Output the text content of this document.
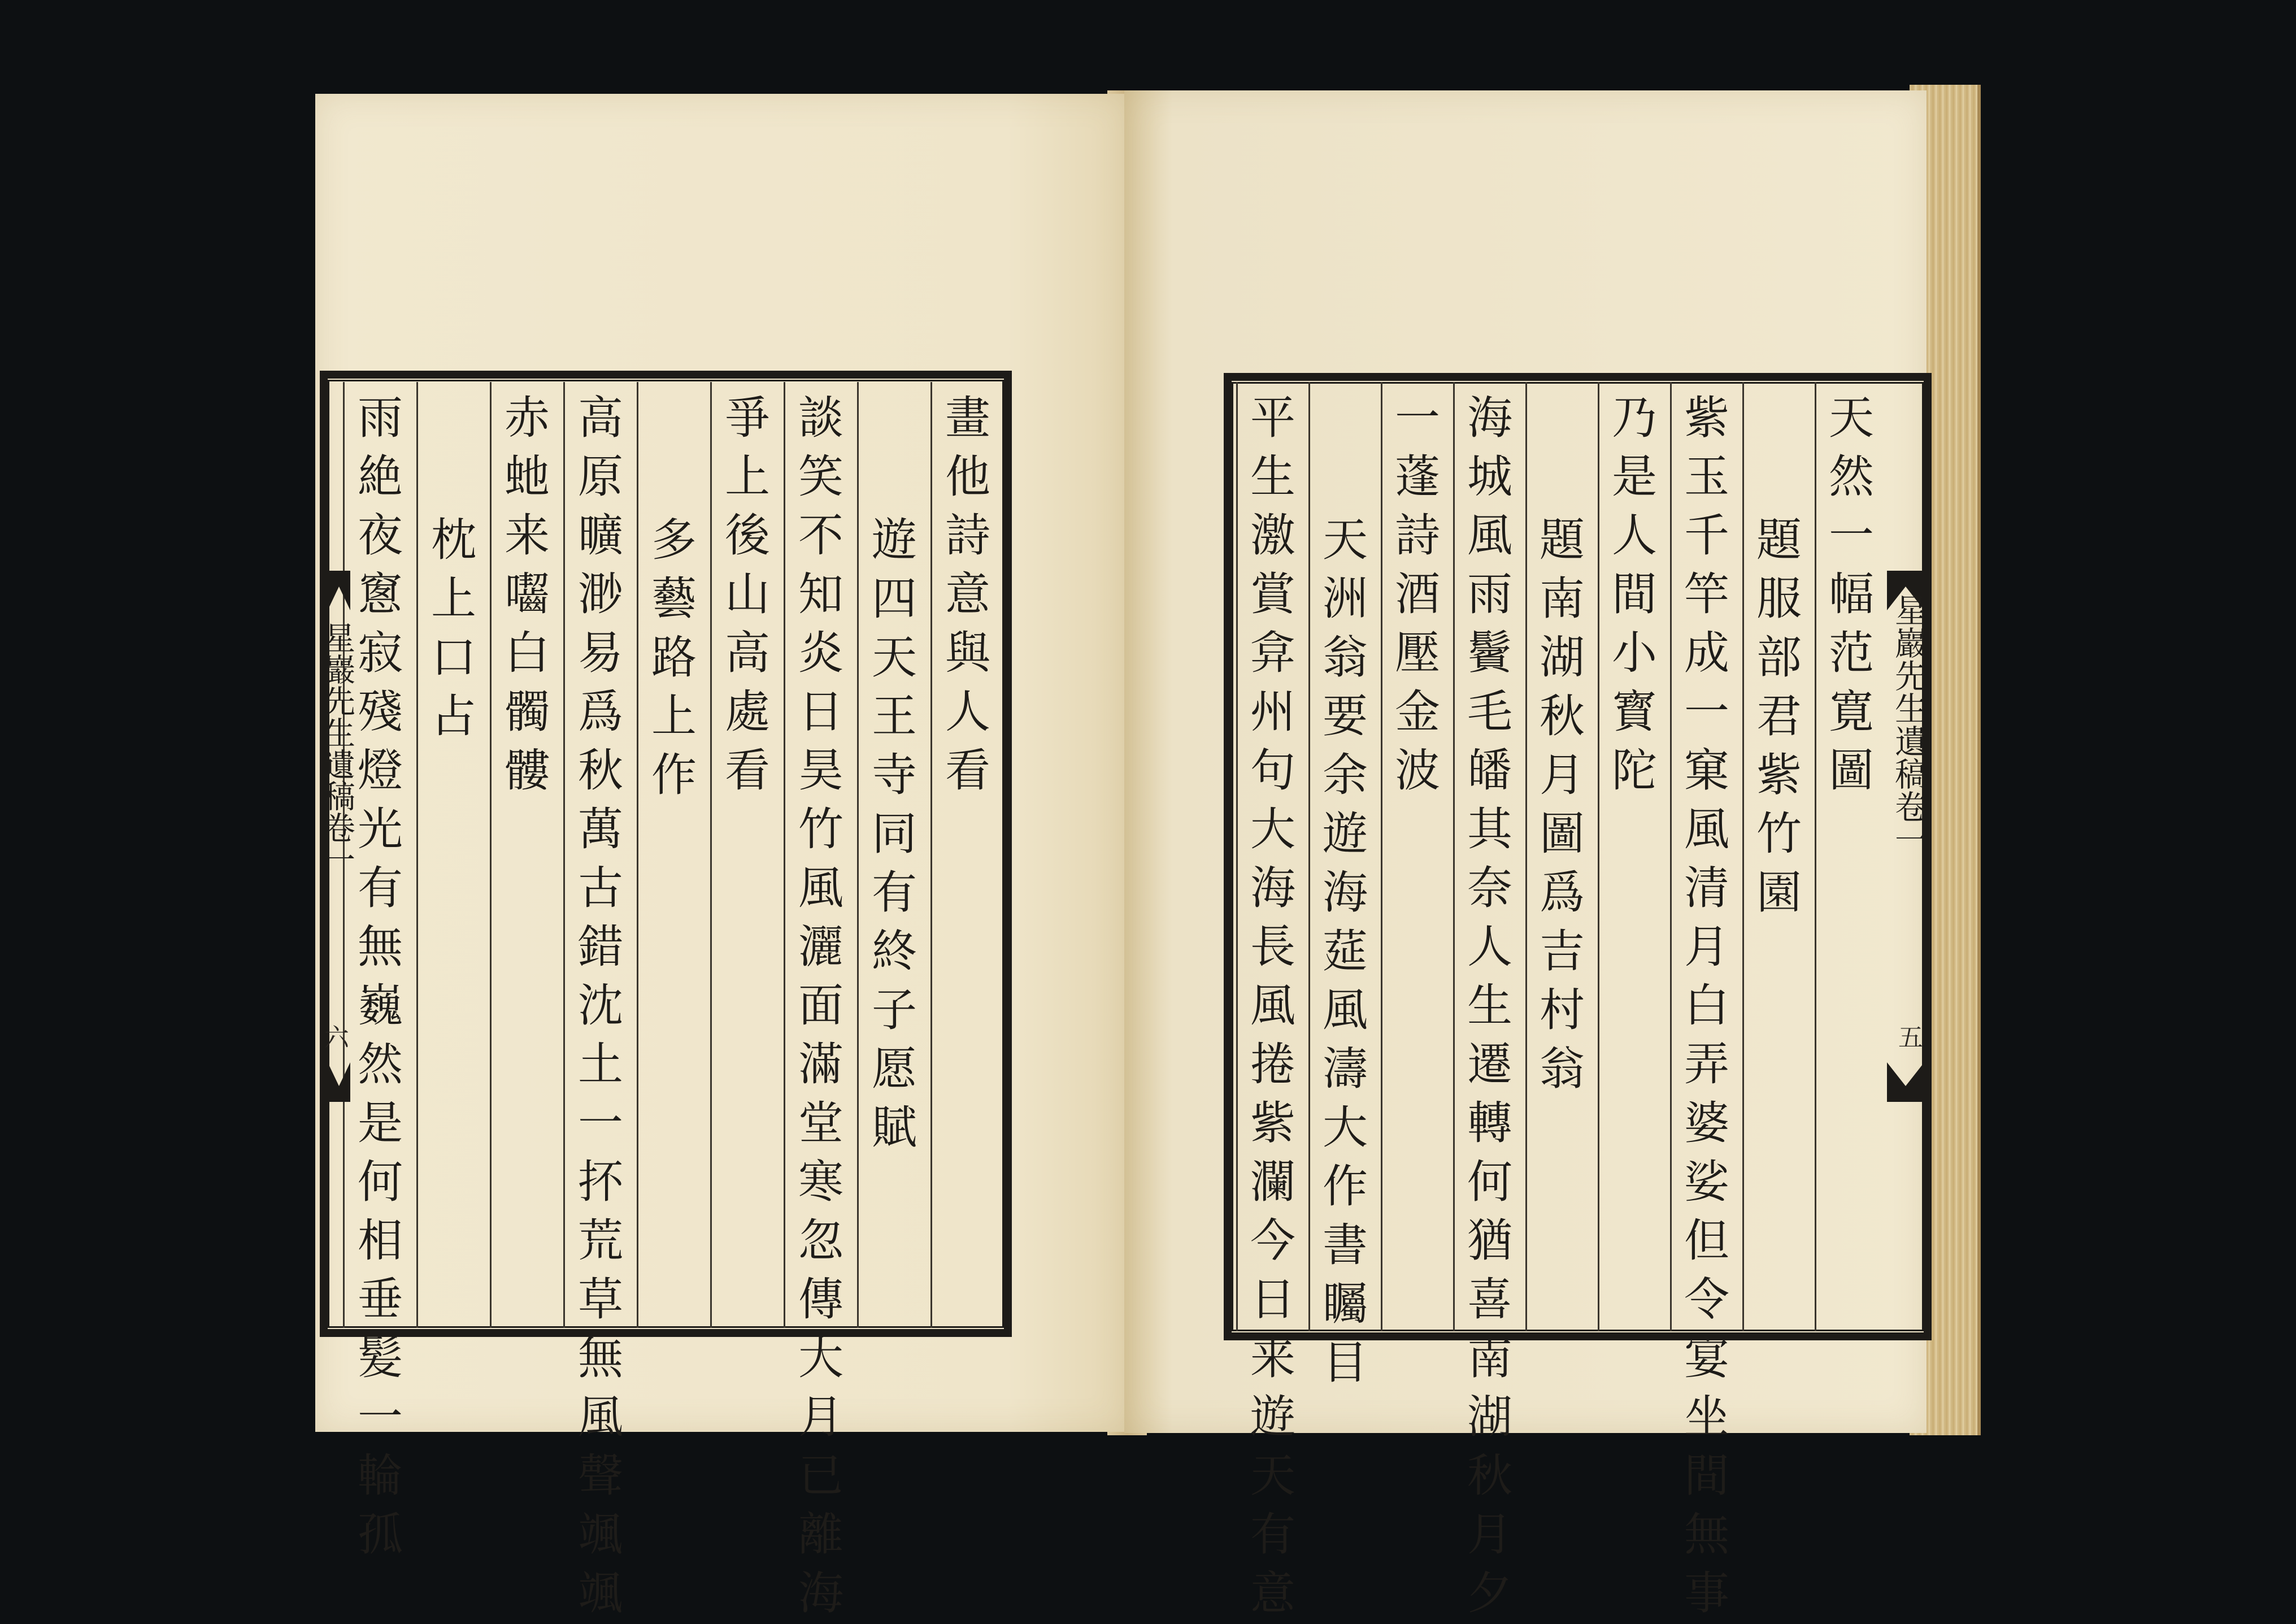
畫
他
詩
意
與
人
看
遊
四
天
王
寺
同
有
終
子
愿
賦
談
笑
不
知
炎
日
昊
竹
風
灑
面
滿
堂
寒
忽
傳
大
月
已
離
海
爭
上
後
山
高
處
看
多
藝
路
上
作
高
原
曠
渺
易
爲
秋
萬
古
錯
沈
土
一
抔
荒
草
無
風
聲
颯
颯
赤
虵
来
囓
白
髑
髏
枕
上
口
占
雨
絶
夜
窻
寂
殘
燈
光
有
無
巍
然
是
何
相
垂
髪
一
輪
孤
天
然
一
幅
范
寛
圖
題
服
部
君
紫
竹
園
紫
玉
千
竿
成
一
窠
風
清
月
白
弄
婆
娑
但
令
宴
坐
間
無
事
乃
是
人
間
小
寳
陀
題
南
湖
秋
月
圖
爲
吉
村
翁
海
城
風
雨
鬢
毛
皤
其
奈
人
生
遷
轉
何
猶
喜
南
湖
秋
月
夕
一
蓬
詩
酒
壓
金
波
天
洲
翁
要
余
遊
海
莚
風
濤
大
作
書
矚
目
平
生
激
賞
弇
州
句
大
海
長
風
捲
紫
瀾
今
日
来
遊
天
有
意
星巖先生遺稿卷一
六
星巖先生遺稿卷一
五
